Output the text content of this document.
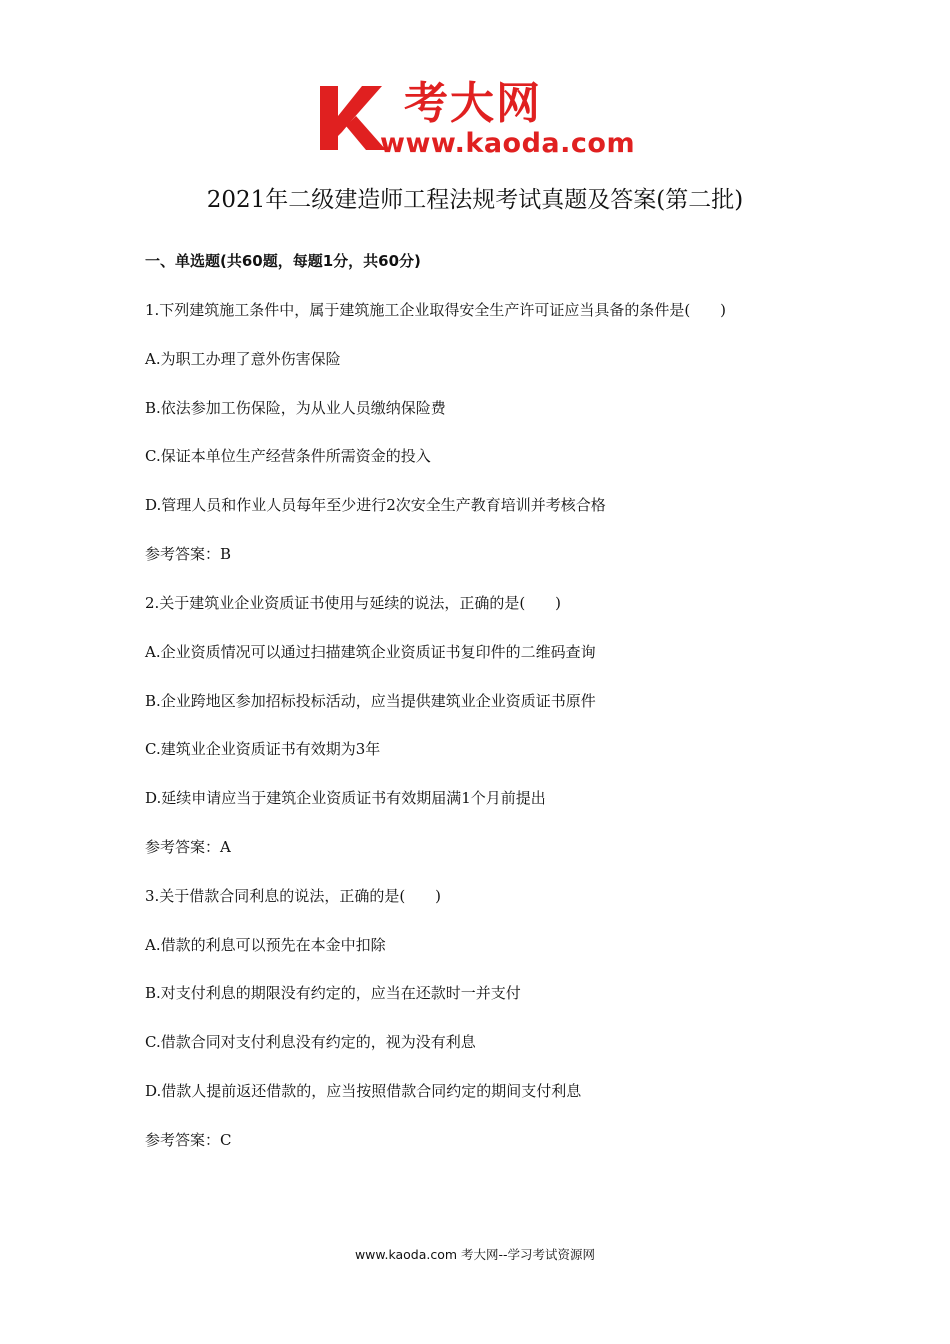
考大网
www.kaoda.com
2021年二级建造师工程法规考试真题及答案(第二批)
一、单选题(共60题，每题1分，共60分)
1.下列建筑施工条件中，属于建筑施工企业取得安全生产许可证应当具备的条件是(　　)
A.为职工办理了意外伤害保险
B.依法参加工伤保险，为从业人员缴纳保险费
C.保证本单位生产经营条件所需资金的投入
D.管理人员和作业人员每年至少进行2次安全生产教育培训并考核合格
参考答案：B
2.关于建筑业企业资质证书使用与延续的说法，正确的是(　　)
A.企业资质情况可以通过扫描建筑企业资质证书复印件的二维码查询
B.企业跨地区参加招标投标活动，应当提供建筑业企业资质证书原件
C.建筑业企业资质证书有效期为3年
D.延续申请应当于建筑企业资质证书有效期届满1个月前提出
参考答案：A
3.关于借款合同利息的说法，正确的是(　　)
A.借款的利息可以预先在本金中扣除
B.对支付利息的期限没有约定的，应当在还款时一并支付
C.借款合同对支付利息没有约定的，视为没有利息
D.借款人提前返还借款的，应当按照借款合同约定的期间支付利息
参考答案：C
www.kaoda.com 考大网--学习考试资源网
